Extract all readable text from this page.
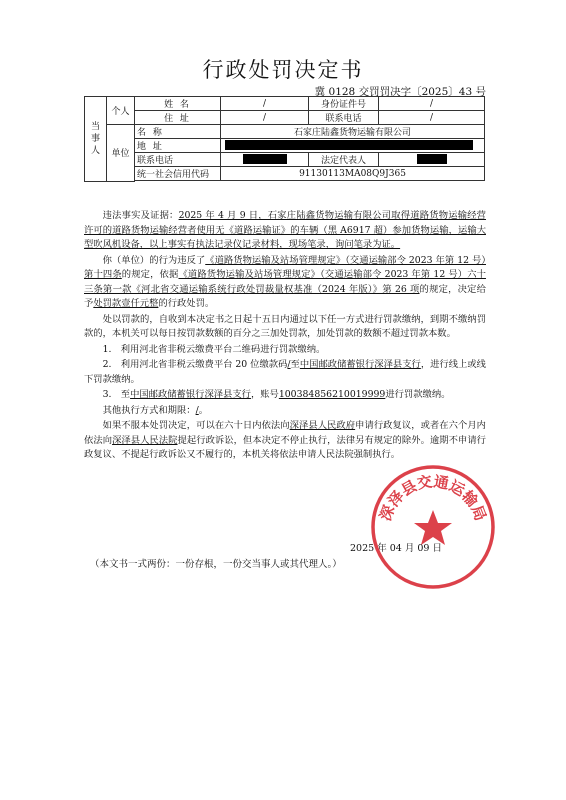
行政处罚决定书
冀 0128 交罚罚决字〔2025〕43 号
当事人	个人	姓 名	/	身份证件号	/
		住 址	/	联系电话	/
	单位	名 称	石家庄陆鑫货物运输有限公司		
		地 址			
		联系电话		法定代表人	
		统一社会信用代码	91130113MA08Q9J365		

违法事实及证据：2025 年 4 月 9 日，石家庄陆鑫货物运输有限公司取得道路货物运输经营许可的道路货物运输经营者使用无《道路运输证》的车辆（黑 A6917 超）参加货物运输，运输大型吹风机设备，以上事实有执法记录仪记录材料，现场笔录，询问笔录为证。

你（单位）的行为违反了《道路货物运输及站场管理规定》（交通运输部令 2023 年第 12 号）第十四条的规定，依据《道路货物运输及站场管理规定》（交通运输部令 2023 年第 12 号）六十三条第一款《河北省交通运输系统行政处罚裁量权基准（2024 年版）》第 26 项的规定，决定给予处罚款壹仟元整的行政处罚。

处以罚款的，自收到本决定书之日起十五日内通过以下任一方式进行罚款缴纳，到期不缴纳罚款的，本机关可以每日按罚款数额的百分之三加处罚款，加处罚款的数额不超过罚款本数。

1.　利用河北省非税云缴费平台二维码进行罚款缴纳。

2.　利用河北省非税云缴费平台 20 位缴款码/至中国邮政储蓄银行深泽县支行，进行线上或线下罚款缴纳。

3.　至中国邮政储蓄银行深泽县支行，账号100384856210019999进行罚款缴纳。

其他执行方式和期限：/。

如果不服本处罚决定，可以在六十日内依法向深泽县人民政府申请行政复议，或者在六个月内依法向深泽县人民法院提起行政诉讼，但本决定不停止执行，法律另有规定的除外。逾期不申请行政复议、不提起行政诉讼又不履行的，本机关将依法申请人民法院强制执行。

2025 年 04 月 09 日
（本文书一式两份：一份存根，一份交当事人或其代理人。）
深泽县交通运输局
